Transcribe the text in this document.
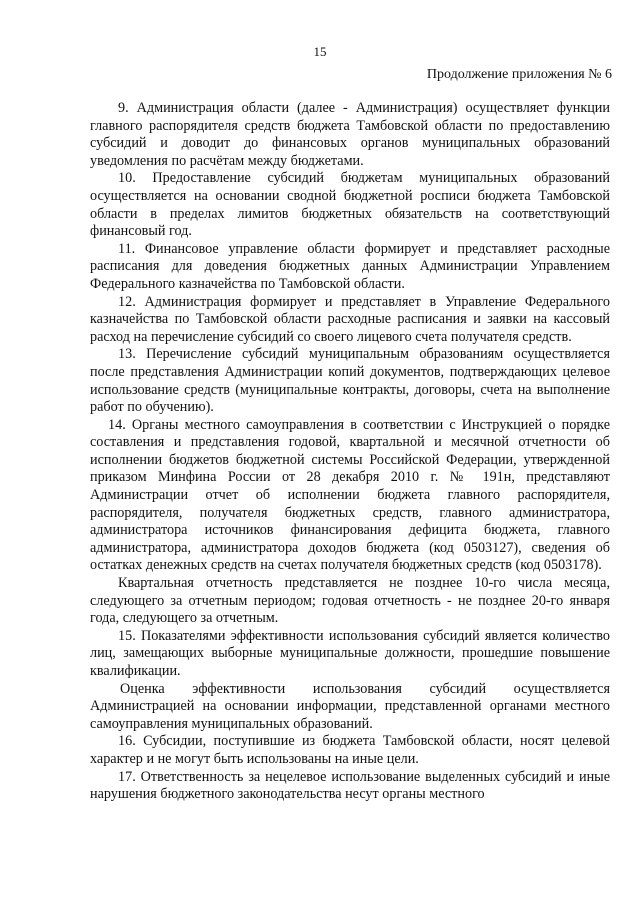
15
Продолжение приложения № 6

9. Администрация области (далее - Администрация) осуществляет функции главного распорядителя средств бюджета Тамбовской области по предоставлению субсидий и доводит до финансовых органов муниципальных образований уведомления по расчётам между бюджетами.

10. Предоставление субсидий бюджетам муниципальных образований осуществляется на основании сводной бюджетной росписи бюджета Тамбовской области в пределах лимитов бюджетных обязательств на соответствующий финансовый год.

11. Финансовое управление области формирует и представляет расходные расписания для доведения бюджетных данных Администрации Управлением Федерального казначейства по Тамбовской области.

12. Администрация формирует и представляет в Управление Федерального казначейства по Тамбовской области расходные расписания и заявки на кассовый расход на перечисление субсидий со своего лицевого счета получателя средств.

13. Перечисление субсидий муниципальным образованиям осуществляется после представления Администрации копий документов, подтверждающих целевое использование средств (муниципальные контракты, договоры, счета на выполнение работ по обучению).

14. Органы местного самоуправления в соответствии с Инструкцией о порядке составления и представления годовой, квартальной и месячной отчетности об исполнении бюджетов бюджетной системы Российской Федерации, утвержденной приказом Минфина России от 28 декабря 2010 г. № 191н, представляют Администрации отчет об исполнении бюджета главного распорядителя, распорядителя, получателя бюджетных средств, главного администратора, администратора источников финансирования дефицита бюджета, главного администратора, администратора доходов бюджета (код 0503127), сведения об остатках денежных средств на счетах получателя бюджетных средств (код 0503178).

Квартальная отчетность представляется не позднее 10-го числа месяца, следующего за отчетным периодом; годовая отчетность - не позднее 20-го января года, следующего за отчетным.

15. Показателями эффективности использования субсидий является количество лиц, замещающих выборные муниципальные должности, прошедшие повышение квалификации.

Оценка эффективности использования субсидий осуществляется Администрацией на основании информации, представленной органами местного самоуправления муниципальных образований.

16. Субсидии, поступившие из бюджета Тамбовской области, носят целевой характер и не могут быть использованы на иные цели.

17. Ответственность за нецелевое использование выделенных субсидий и иные нарушения бюджетного законодательства несут органы местного
